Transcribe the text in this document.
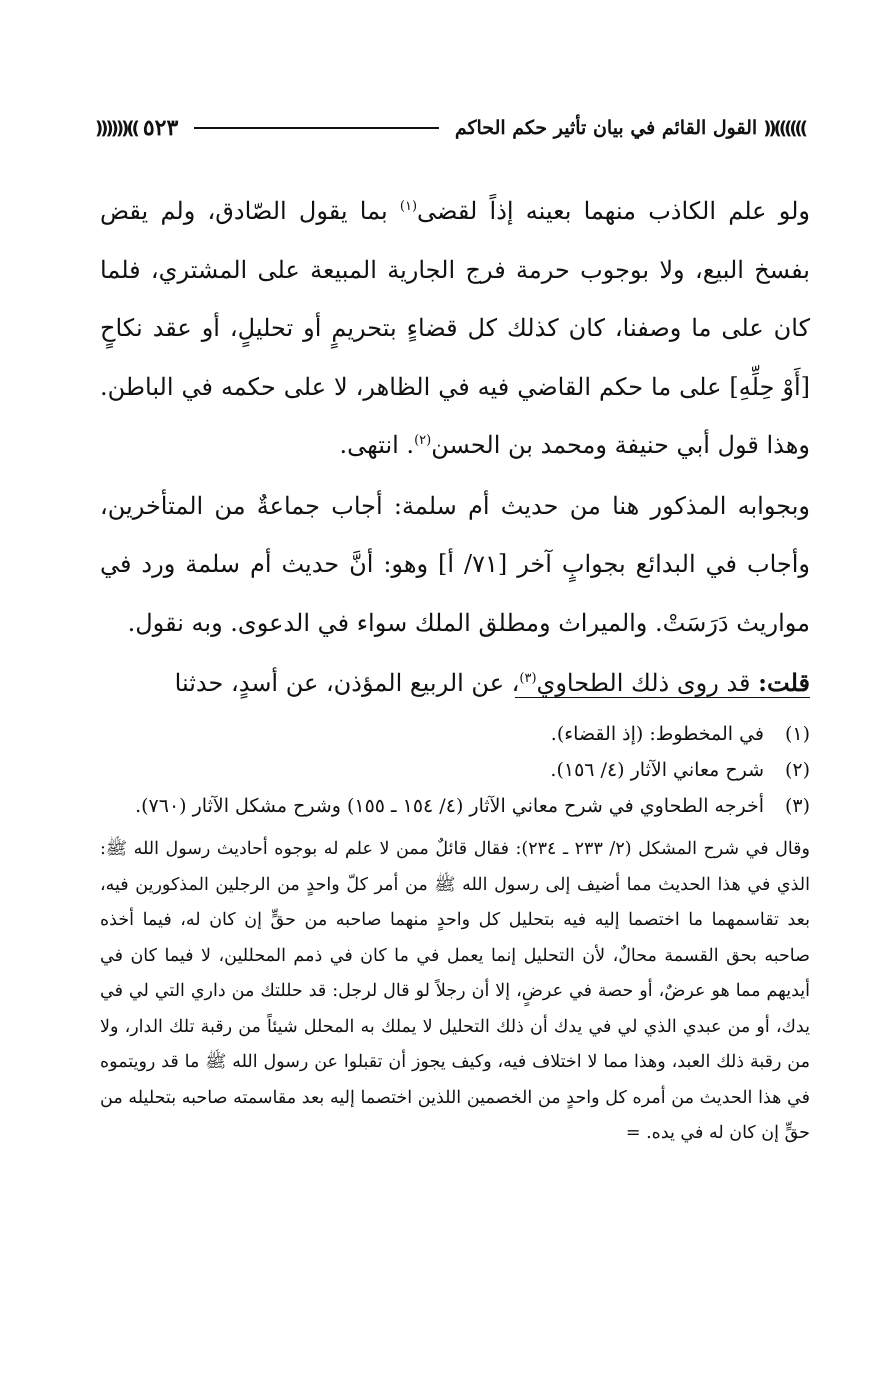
))))))((
القول القائم في بيان تأثير حكم الحاكم
٥٢٣
))((((((

ولو علم الكاذب منهما بعينه إذاً لقضى$^{(١)}$ بما يقول الصّادق، ولم يقض بفسخ البيع، ولا بوجوب حرمة فرج الجارية المبيعة على المشتري، فلما كان على ما وصفنا، كان كذلك كل قضاءٍ بتحريمٍ أو تحليلٍ، أو عقد نكاحٍ [أَوْ حِلِّهِ] على ما حكم القاضي فيه في الظاهر، لا على حكمه في الباطن. وهذا قول أبي حنيفة ومحمد بن الحسن$^{(٢)}$. انتهى.

وبجوابه المذكور هنا من حديث أم سلمة: أجاب جماعةٌ من المتأخرين، وأجاب في البدائع بجوابٍ آخر [٧١/ أ] وهو: أنَّ حديث أم سلمة ورد في مواريث دَرَسَتْ. والميراث ومطلق الملك سواء في الدعوى. وبه نقول.

قلت: قد روى ذلك الطحاوي$^{(٣)}$، عن الربيع المؤذن، عن أسدٍ، حدثنا

(١)
في المخطوط: (إذ القضاء).
(٢)
شرح معاني الآثار (٤/ ١٥٦).
(٣)
أخرجه الطحاوي في شرح معاني الآثار (٤/ ١٥٤ ـ ١٥٥) وشرح مشكل الآثار (٧٦٠).
وقال في شرح المشكل (٢/ ٢٣٣ ـ ٢٣٤): فقال قائلٌ ممن لا علم له بوجوه أحاديث رسول الله ﷺ: الذي في هذا الحديث مما أضيف إلى رسول الله ﷺ من أمر كلّ واحدٍ من الرجلين المذكورين فيه، بعد تقاسمهما ما اختصما إليه فيه بتحليل كل واحدٍ منهما صاحبه من حقٍّ إن كان له، فيما أخذه صاحبه بحق القسمة محالٌ، لأن التحليل إنما يعمل في ما كان في ذمم المحللين، لا فيما كان في أيديهم مما هو عرضٌ، أو حصة في عرضٍ، إلا أن رجلاً لو قال لرجل: قد حللتك من داري التي لي في يدك، أو من عبدي الذي لي في يدك أن ذلك التحليل لا يملك به المحلل شيئاً من رقبة تلك الدار، ولا من رقبة ذلك العبد، وهذا مما لا اختلاف فيه، وكيف يجوز أن تقبلوا عن رسول الله ﷺ ما قد رويتموه في هذا الحديث من أمره كل واحدٍ من الخصمين اللذين اختصما إليه بعد مقاسمته صاحبه بتحليله من حقٍّ إن كان له في يده. =
